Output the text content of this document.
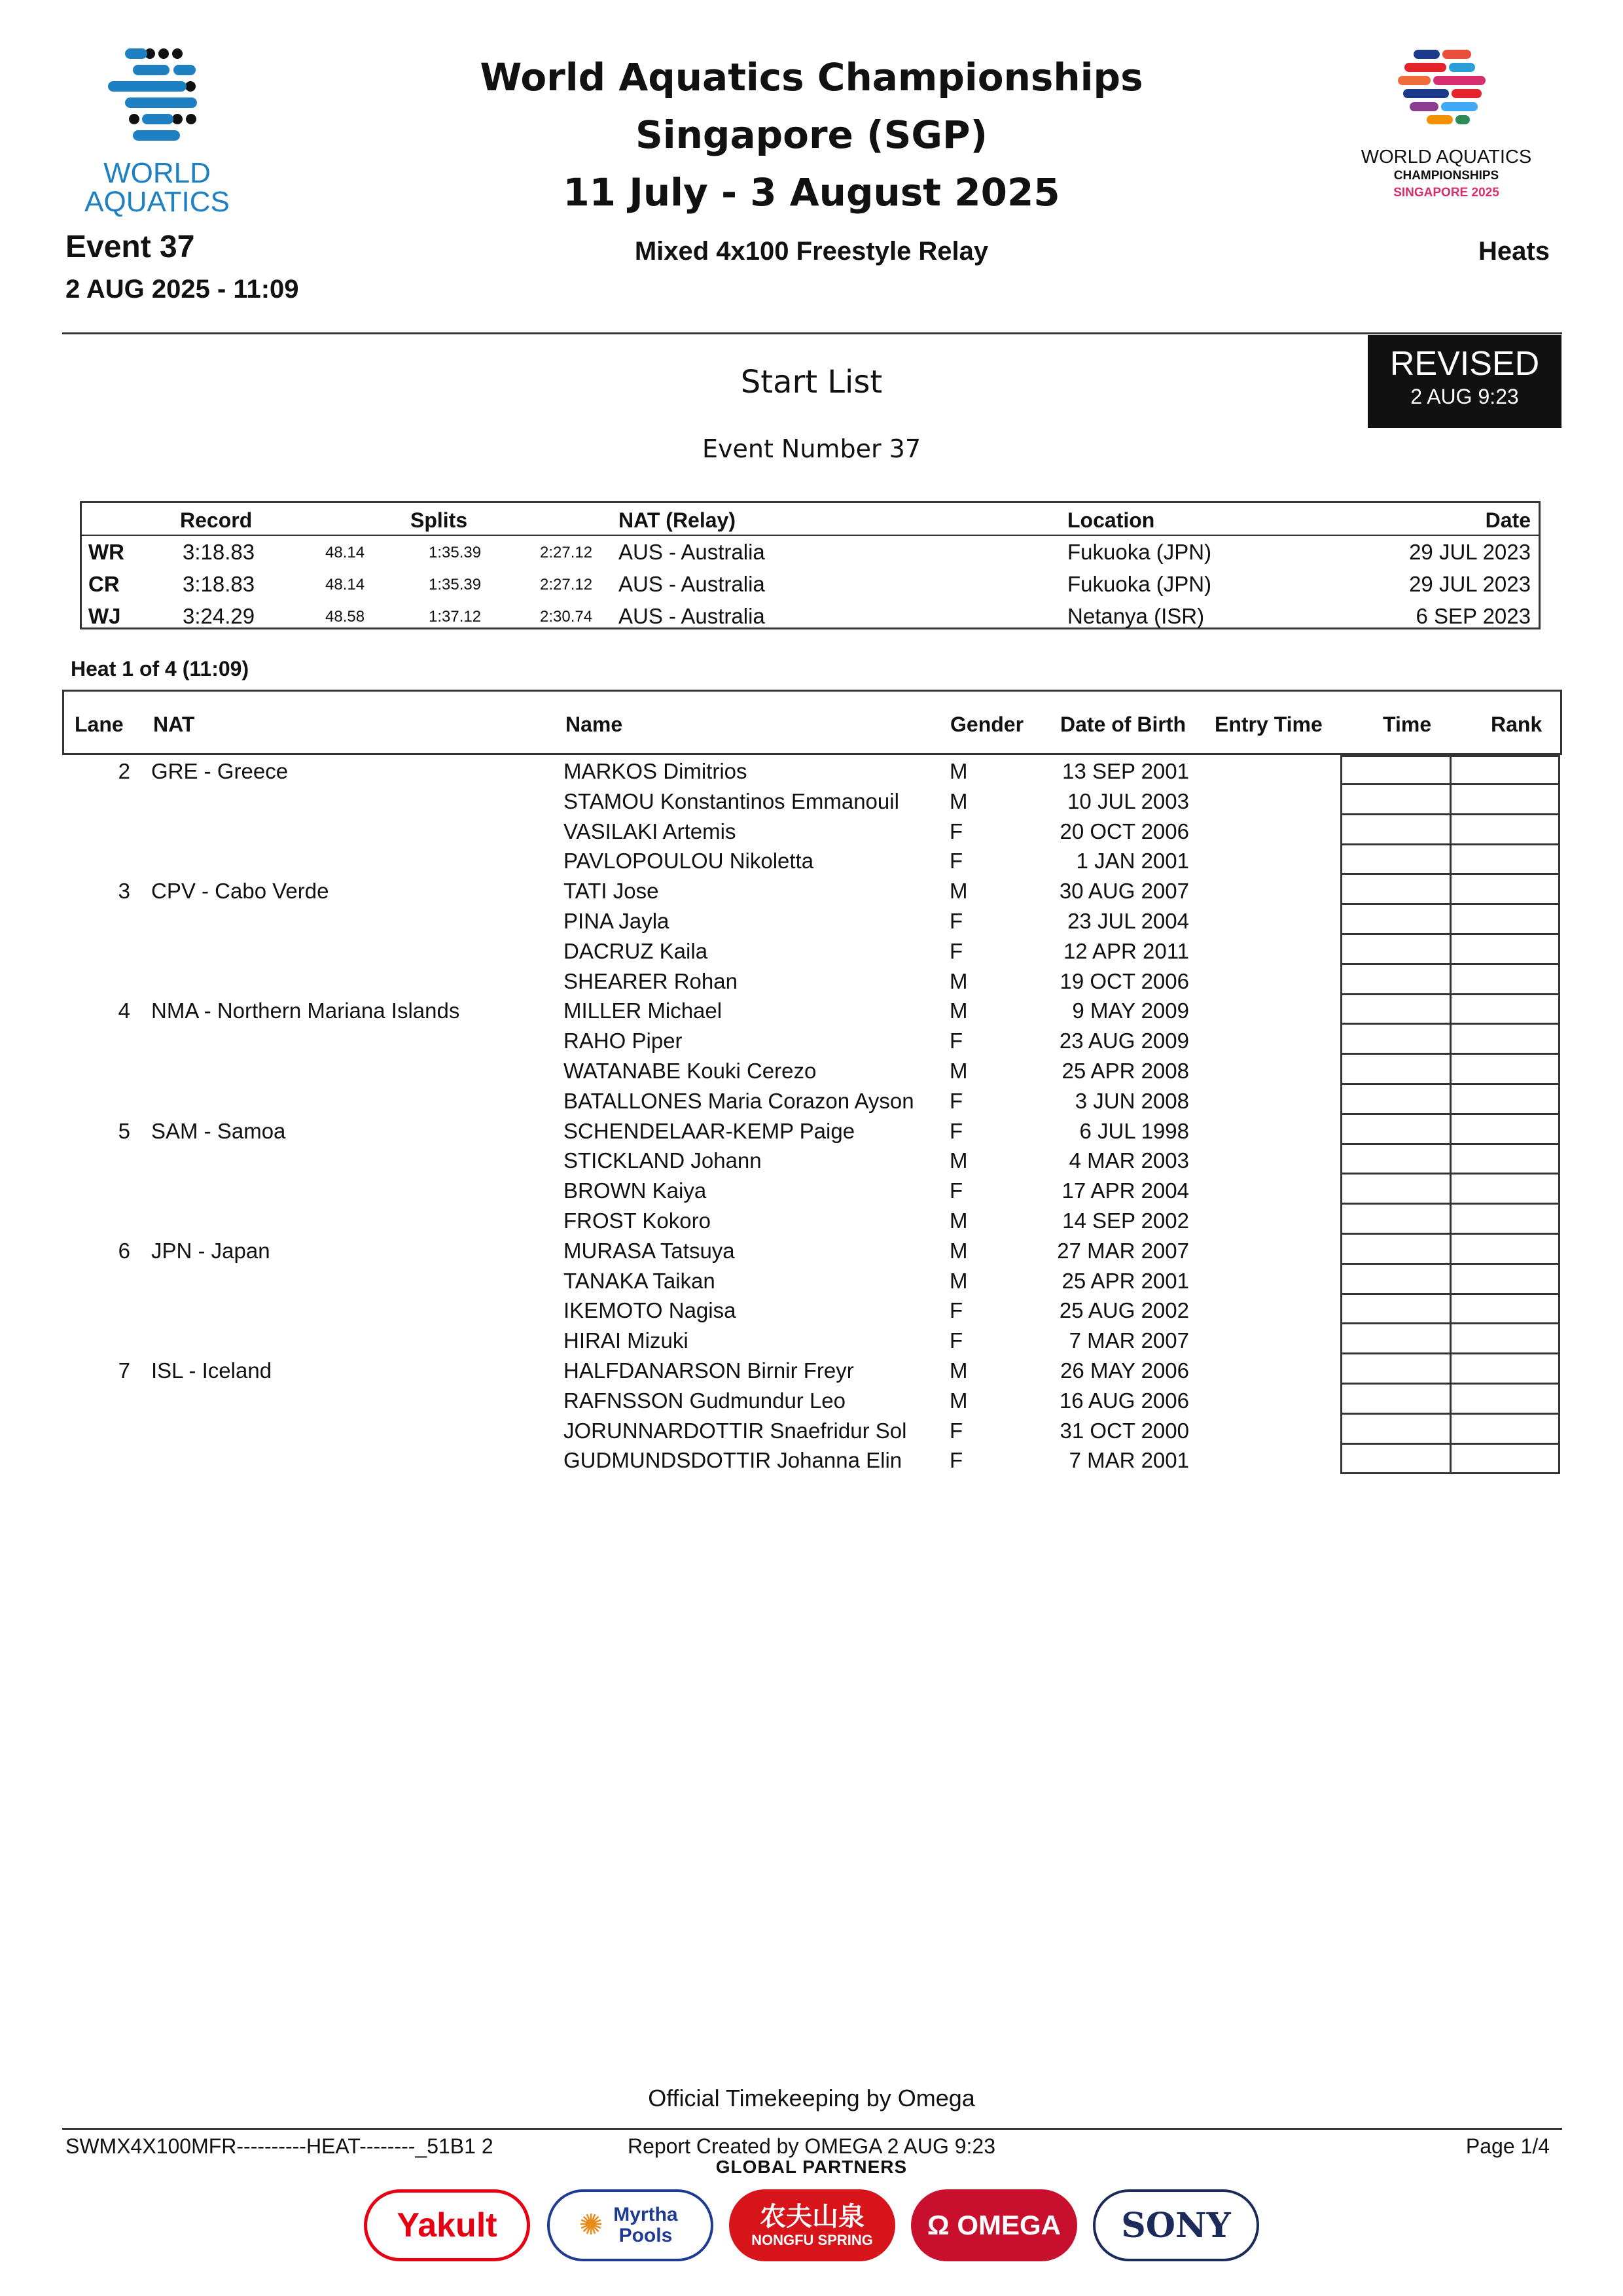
WORLD
AQUATICS
World Aquatics Championships
Singapore (SGP)
11 July - 3 August 2025
WORLD AQUATICS
CHAMPIONSHIPS
SINGAPORE 2025
Event 37
2 AUG 2025 - 11:09
Mixed 4x100 Freestyle Relay	Heats
REVISED
2 AUG 9:23
Start List
Event Number 37
Record	Splits	NAT (Relay)	Location	Date
WR	3:18.83	48.14	1:35.39	2:27.12 AUS - Australia	Fukuoka (JPN)	29 JUL 2023
CR	3:18.83	48.14	1:35.39	2:27.12 AUS - Australia	Fukuoka (JPN)	29 JUL 2023
WJ	3:24.29	48.58	1:37.12	2:30.74 AUS - Australia	Netanya (ISR)	6 SEP 2023
Heat 1 of 4 (11:09)
Lane NAT	Name	Gender Date of Birth Entry Time	Time	Rank
2 GRE - Greece	MARKOS Dimitrios	M	13 SEP 2001
STAMOU Konstantinos Emmanouil M	10 JUL 2003
VASILAKI Artemis	F	20 OCT 2006
PAVLOPOULOU Nikoletta	F	1 JAN 2001
3 CPV - Cabo Verde	TATI Jose	M	30 AUG 2007
PINA Jayla	F	23 JUL 2004
DACRUZ Kaila	F	12 APR 2011
SHEARER Rohan	M	19 OCT 2006
4 NMA - Northern Mariana Islands	MILLER Michael	M	9 MAY 2009
RAHO Piper	F	23 AUG 2009
WATANABE Kouki Cerezo	M	25 APR 2008
BATALLONES Maria Corazon Ayson F	3 JUN 2008
5 SAM - Samoa	SCHENDELAAR-KEMP Paige	F	6 JUL 1998
STICKLAND Johann	M	4 MAR 2003
BROWN Kaiya	F	17 APR 2004
FROST Kokoro	M	14 SEP 2002
6 JPN - Japan	MURASA Tatsuya	M	27 MAR 2007
TANAKA Taikan	M	25 APR 2001
IKEMOTO Nagisa	F	25 AUG 2002
HIRAI Mizuki	F	7 MAR 2007
7 ISL - Iceland	HALFDANARSON Birnir Freyr	M	26 MAY 2006
RAFNSSON Gudmundur Leo	M	16 AUG 2006
JORUNNARDOTTIR Snaefridur Sol F	31 OCT 2000
GUDMUNDSDOTTIR Johanna Elin F	7 MAR 2001
Official Timekeeping by Omega
SWMX4X100MFR----------HEAT--------_51B1 2	Report Created by OMEGA 2 AUG 9:23	Page 1/4
GLOBAL PARTNERS
Yakult	✺ Myrtha Pools
农夫山泉
NONGFU SPRING Ω OMEGA SONY
